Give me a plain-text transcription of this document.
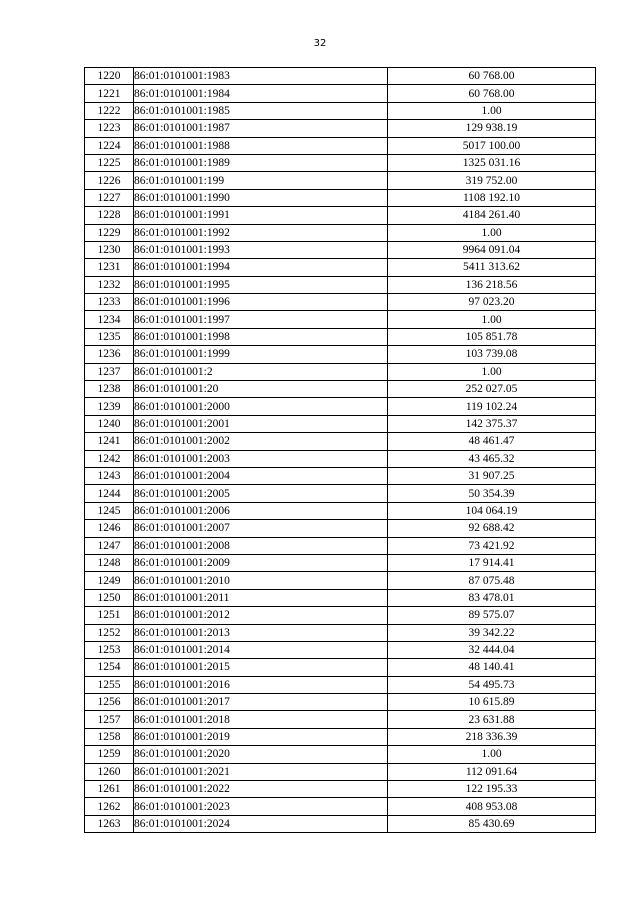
32
1220	86:01:0101001:1983	60 768.00
1221	86:01:0101001:1984	60 768.00
1222	86:01:0101001:1985	1.00
1223	86:01:0101001:1987	129 938.19
1224	86:01:0101001:1988	5017 100.00
1225	86:01:0101001:1989	1325 031.16
1226	86:01:0101001:199	319 752.00
1227	86:01:0101001:1990	1108 192.10
1228	86:01:0101001:1991	4184 261.40
1229	86:01:0101001:1992	1.00
1230	86:01:0101001:1993	9964 091.04
1231	86:01:0101001:1994	5411 313.62
1232	86:01:0101001:1995	136 218.56
1233	86:01:0101001:1996	97 023.20
1234	86:01:0101001:1997	1.00
1235	86:01:0101001:1998	105 851.78
1236	86:01:0101001:1999	103 739.08
1237	86:01:0101001:2	1.00
1238	86:01:0101001:20	252 027.05
1239	86:01:0101001:2000	119 102.24
1240	86:01:0101001:2001	142 375.37
1241	86:01:0101001:2002	48 461.47
1242	86:01:0101001:2003	43 465.32
1243	86:01:0101001:2004	31 907.25
1244	86:01:0101001:2005	50 354.39
1245	86:01:0101001:2006	104 064.19
1246	86:01:0101001:2007	92 688.42
1247	86:01:0101001:2008	73 421.92
1248	86:01:0101001:2009	17 914.41
1249	86:01:0101001:2010	87 075.48
1250	86:01:0101001:2011	83 478.01
1251	86:01:0101001:2012	89 575.07
1252	86:01:0101001:2013	39 342.22
1253	86:01:0101001:2014	32 444.04
1254	86:01:0101001:2015	48 140.41
1255	86:01:0101001:2016	54 495.73
1256	86:01:0101001:2017	10 615.89
1257	86:01:0101001:2018	23 631.88
1258	86:01:0101001:2019	218 336.39
1259	86:01:0101001:2020	1.00
1260	86:01:0101001:2021	112 091.64
1261	86:01:0101001:2022	122 195.33
1262	86:01:0101001:2023	408 953.08
1263	86:01:0101001:2024	85 430.69
